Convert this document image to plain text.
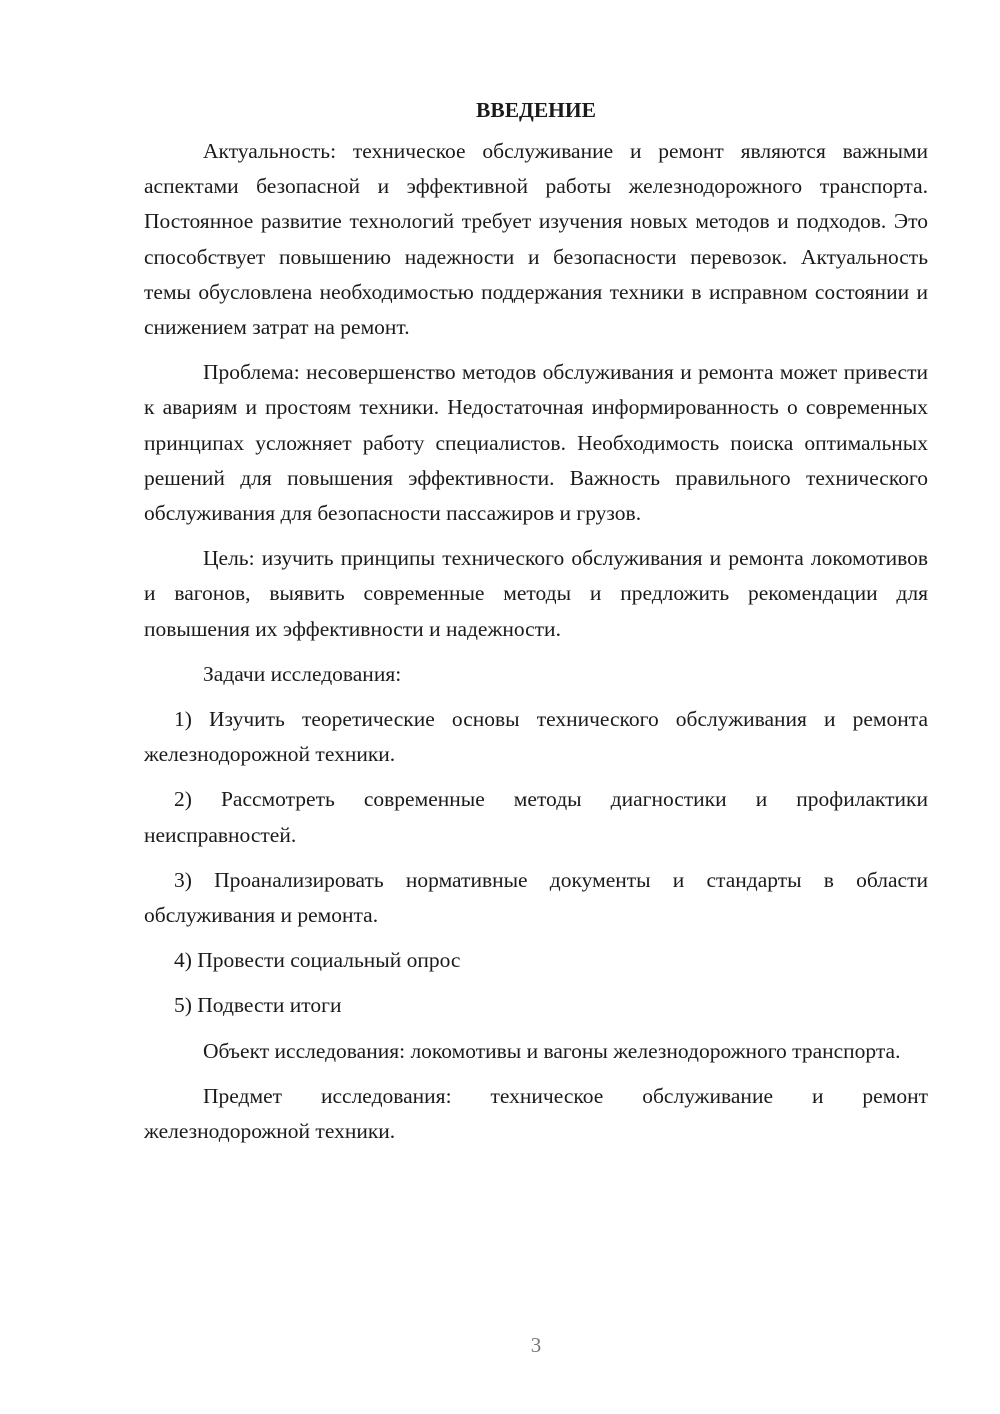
ВВЕДЕНИЕ

Актуальность: техническое обслуживание и ремонт являются важными аспектами безопасной и эффективной работы железнодорожного транспорта. Постоянное развитие технологий требует изучения новых методов и подходов. Это способствует повышению надежности и безопасности перевозок. Актуальность темы обусловлена необходимостью поддержания техники в исправном состоянии и снижением затрат на ремонт.

Проблема: несовершенство методов обслуживания и ремонта может привести к авариям и простоям техники. Недостаточная информированность о современных принципах усложняет работу специалистов. Необходимость поиска оптимальных решений для повышения эффективности. Важность правильного технического обслуживания для безопасности пассажиров и грузов.

Цель: изучить принципы технического обслуживания и ремонта локомотивов и вагонов, выявить современные методы и предложить рекомендации для повышения их эффективности и надежности.

Задачи исследования:

1) Изучить теоретические основы технического обслуживания и ремонта железнодорожной техники.

2) Рассмотреть современные методы диагностики и профилактики неисправностей.

3) Проанализировать нормативные документы и стандарты в области обслуживания и ремонта.

4) Провести социальный опрос

5) Подвести итоги

Объект исследования: локомотивы и вагоны железнодорожного транспорта.

Предмет исследования: техническое обслуживание и ремонт железнодорожной техники.

3
